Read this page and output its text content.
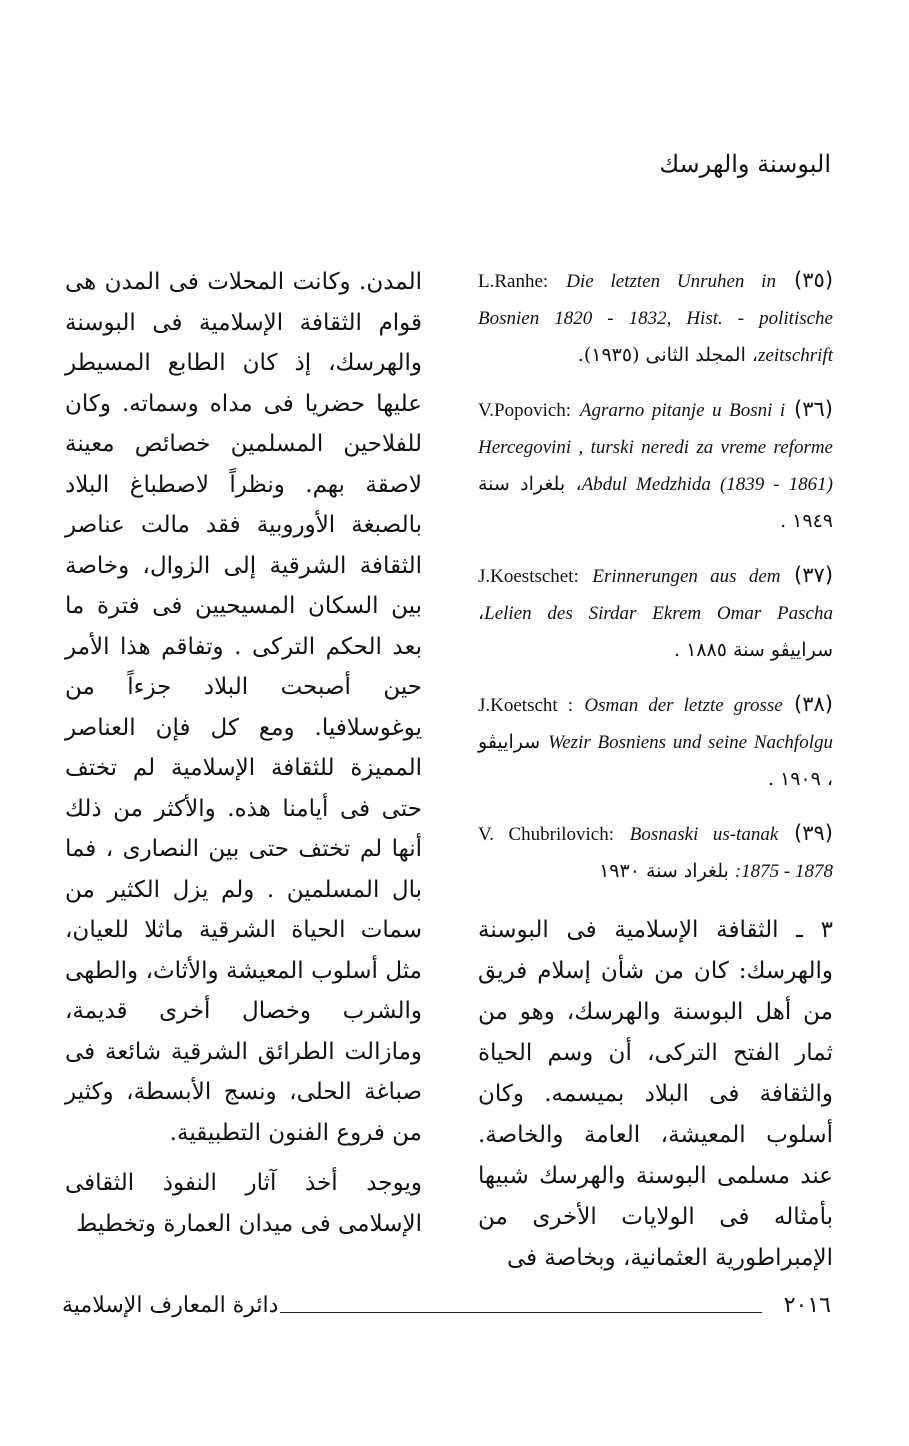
البوسنة والهرسك
(٣٥) L.Ranhe: Die letzten Unruhen in Bosnien 1820 - 1832, Hist. - politische zeitschrift، المجلد الثانى (١٩٣٥).
(٣٦) V.Popovich: Agrarno pitanje u Bosni i Hercegovini , turski neredi za vreme reforme Abdul Medzhida (1839 - 1861)، بلغراد سنة ١٩٤٩ .
(٣٧) J.Koestschet: Erinnerungen aus dem Lelien des Sirdar Ekrem Omar Pascha، سراييڤو سنة ١٨٨٥ .
(٣٨) J.Koetscht : Osman der letzte grosse Wezir Bosniens und seine Nachfolgu سراييڤو ، ١٩٠٩ .
(٣٩) V. Chubrilovich: Bosnaski us-tanak :1875 - 1878 بلغراد سنة ١٩٣٠

٣ ـ الثقافة الإسلامية فى البوسنة والهرسك: كان من شأن إسلام فريق من أهل البوسنة والهرسك، وهو من ثمار الفتح التركى، أن وسم الحياة والثقافة فى البلاد بميسمه. وكان أسلوب المعيشة، العامة والخاصة. عند مسلمى البوسنة والهرسك شبيها بأمثاله فى الولايات الأخرى من الإمبراطورية العثمانية، وبخاصة فى

المدن. وكانت المحلات فى المدن هى قوام الثقافة الإسلامية فى البوسنة والهرسك، إذ كان الطابع المسيطر عليها حضريا فى مداه وسماته. وكان للفلاحين المسلمين خصائص معينة لاصقة بهم. ونظراً لاصطباغ البلاد بالصبغة الأوروبية فقد مالت عناصر الثقافة الشرقية إلى الزوال، وخاصة بين السكان المسيحيين فى فترة ما بعد الحكم التركى . وتفاقم هذا الأمر حين أصبحت البلاد جزءاً من يوغوسلافيا. ومع كل فإن العناصر المميزة للثقافة الإسلامية لم تختف حتى فى أيامنا هذه. والأكثر من ذلك أنها لم تختف حتى بين النصارى ، فما بال المسلمين . ولم يزل الكثير من سمات الحياة الشرقية ماثلا للعيان، مثل أسلوب المعيشة والأثاث، والطهى والشرب وخصال أخرى قديمة، ومازالت الطرائق الشرقية شائعة فى صباغة الحلى، ونسج الأبسطة، وكثير من فروع الفنون التطبيقية.

ويوجد أخذ آثار النفوذ الثقافى الإسلامى فى ميدان العمارة وتخطيط

٢٠١٦
دائرة المعارف الإسلامية
